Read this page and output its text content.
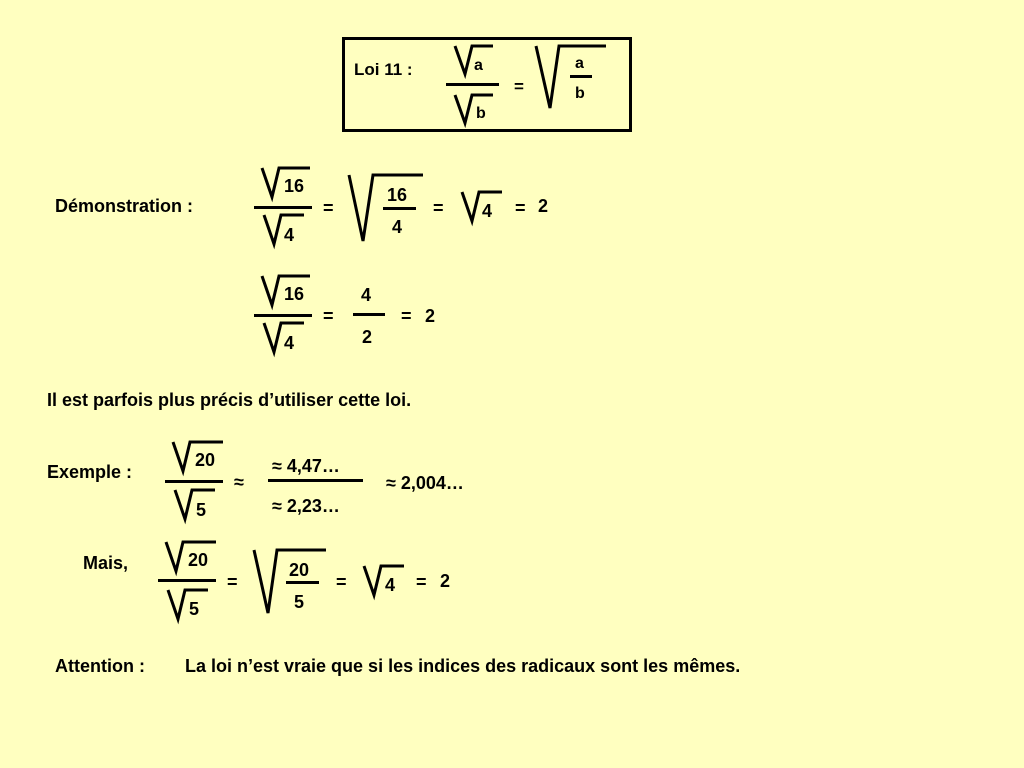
Loi 11 :	a
b
=
a
b
Démonstration :
16
4
=
16
4
= 4 = 2
16
4
=
4
2
= 2
Il est parfois plus précis d’utiliser cette loi.
Exemple :
20
5
≈
≈ 4,47…
≈ 2,23…
≈ 2,004…
Mais,	20
5
=
20
5
= 4 = 2
Attention : La loi n’est vraie que si les indices des radicaux sont les mêmes.
